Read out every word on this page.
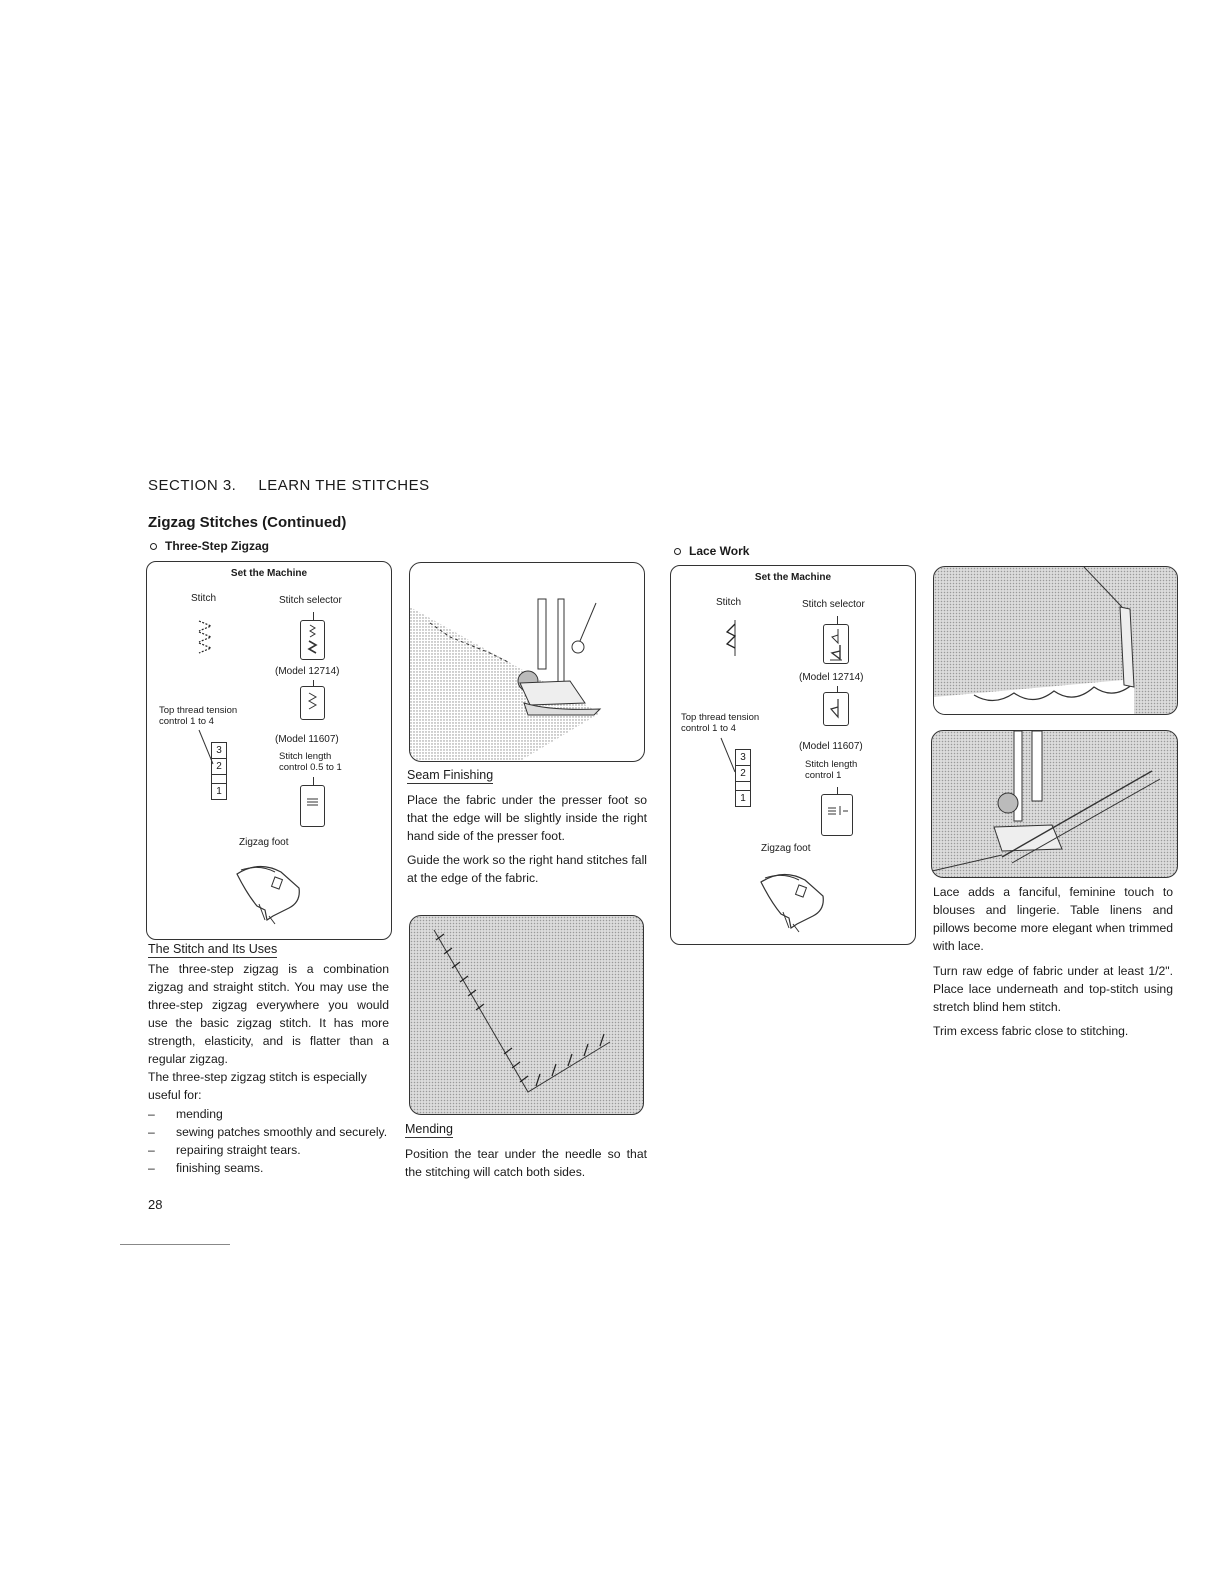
SECTION 3. LEARN THE STITCHES
Zigzag Stitches (Continued)
Three-Step Zigzag
Set the Machine
Stitch	Stitch selector
(Model 12714)
Top thread tension
control 1 to 4
(Model 11607)
3
2
1
Stitch length
control 0.5 to 1
Zigzag foot
The Stitch and Its Uses
The three-step zigzag is a combination zigzag and straight stitch. You may use the three-step zigzag everywhere you would use the basic zigzag stitch. It has more strength, elasticity, and is flatter than a regular zigzag.
The three-step zigzag stitch is especially useful for:
– mending
– sewing patches smoothly and securely.
– repairing straight tears.
– finishing seams.
28
Seam Finishing
Place the fabric under the presser foot so that the edge will be slightly inside the right hand side of the presser foot.
Guide the work so the right hand stitches fall at the edge of the fabric.
Mending
Position the tear under the needle so that the stitching will catch both sides.
Lace Work
Set the Machine
Stitch	Stitch selector
(Model 12714)
Top thread tension
control 1 to 4
(Model 11607)
3
2
1
Stitch length
control 1
Zigzag foot
Lace adds a fanciful, feminine touch to blouses and lingerie. Table linens and pillows become more elegant when trimmed with lace.
Turn raw edge of fabric under at least 1/2". Place lace underneath and top-stitch using stretch blind hem stitch.
Trim excess fabric close to stitching.
